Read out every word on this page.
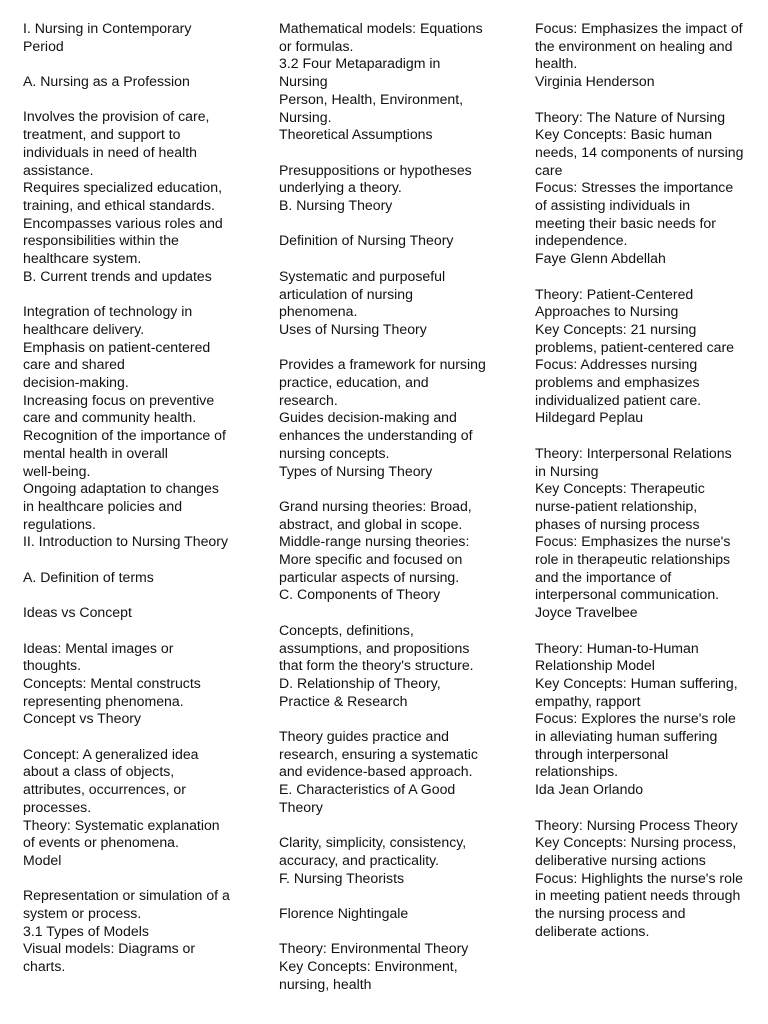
I. Nursing in Contemporary
Period
A. Nursing as a Profession
Involves the provision of care,
treatment, and support to
individuals in need of health
assistance.
Requires specialized education,
training, and ethical standards.
Encompasses various roles and
responsibilities within the
healthcare system.
B. Current trends and updates
Integration of technology in
healthcare delivery.
Emphasis on patient-centered
care and shared
decision-making.
Increasing focus on preventive
care and community health.
Recognition of the importance of
mental health in overall
well-being.
Ongoing adaptation to changes
in healthcare policies and
regulations.
II. Introduction to Nursing Theory
A. Definition of terms
Ideas vs Concept
Ideas: Mental images or
thoughts.
Concepts: Mental constructs
representing phenomena.
Concept vs Theory
Concept: A generalized idea
about a class of objects,
attributes, occurrences, or
processes.
Theory: Systematic explanation
of events or phenomena.
Model
Representation or simulation of a
system or process.
3.1 Types of Models
Visual models: Diagrams or
charts.
Mathematical models: Equations
or formulas.
3.2 Four Metaparadigm in
Nursing
Person, Health, Environment,
Nursing.
Theoretical Assumptions
Presuppositions or hypotheses
underlying a theory.
B. Nursing Theory
Definition of Nursing Theory
Systematic and purposeful
articulation of nursing
phenomena.
Uses of Nursing Theory
Provides a framework for nursing
practice, education, and
research.
Guides decision-making and
enhances the understanding of
nursing concepts.
Types of Nursing Theory
Grand nursing theories: Broad,
abstract, and global in scope.
Middle-range nursing theories:
More specific and focused on
particular aspects of nursing.
C. Components of Theory
Concepts, definitions,
assumptions, and propositions
that form the theory's structure.
D. Relationship of Theory,
Practice & Research
Theory guides practice and
research, ensuring a systematic
and evidence-based approach.
E. Characteristics of A Good
Theory
Clarity, simplicity, consistency,
accuracy, and practicality.
F. Nursing Theorists
Florence Nightingale
Theory: Environmental Theory
Key Concepts: Environment,
nursing, health
Focus: Emphasizes the impact of
the environment on healing and
health.
Virginia Henderson
Theory: The Nature of Nursing
Key Concepts: Basic human
needs, 14 components of nursing
care
Focus: Stresses the importance
of assisting individuals in
meeting their basic needs for
independence.
Faye Glenn Abdellah
Theory: Patient-Centered
Approaches to Nursing
Key Concepts: 21 nursing
problems, patient-centered care
Focus: Addresses nursing
problems and emphasizes
individualized patient care.
Hildegard Peplau
Theory: Interpersonal Relations
in Nursing
Key Concepts: Therapeutic
nurse-patient relationship,
phases of nursing process
Focus: Emphasizes the nurse's
role in therapeutic relationships
and the importance of
interpersonal communication.
Joyce Travelbee
Theory: Human-to-Human
Relationship Model
Key Concepts: Human suffering,
empathy, rapport
Focus: Explores the nurse's role
in alleviating human suffering
through interpersonal
relationships.
Ida Jean Orlando
Theory: Nursing Process Theory
Key Concepts: Nursing process,
deliberative nursing actions
Focus: Highlights the nurse's role
in meeting patient needs through
the nursing process and
deliberate actions.
